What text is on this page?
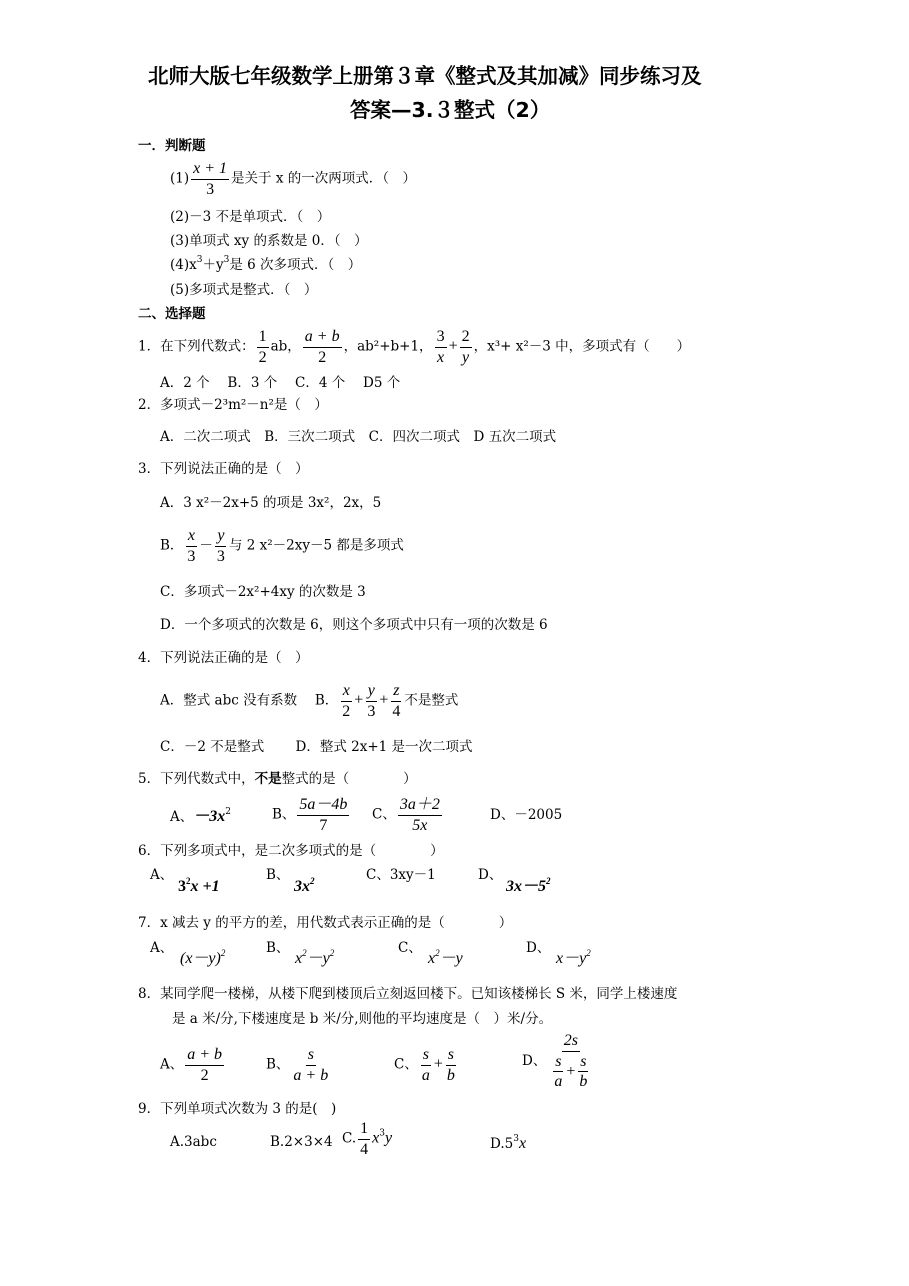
北师大版七年级数学上册第３章《整式及其加减》同步练习及
答案—3.３整式（2）
一．判断题
$(1) \frac{x + 1}{3}$ 是关于 x 的一次两项式．（　）
(2)－3 不是单项式．（　）
(3)单项式 xy 的系数是 0．（　）
$(4)x^3+y^3$是 6 次多项式．（　）
(5)多项式是整式．（　）
二、选择题
1．在下列代数式： $\frac{1}{2}$ ab， $\frac{a + b}{2}$ ，ab²+b+1， $\frac{3}{x} + \frac{2}{y}$ ，x³+ x²－3 中，多项式有（　　）
A．2 个　 B．3 个　 C．4 个　 D5 个
2．多项式－2³m²－n²是（　）
A．二次二项式　B．三次二项式　C．四次二项式　D 五次二项式
3．下列说法正确的是（　）
A．3 x²－2x+5 的项是 3x²，2x，5
B． $\frac{x}{3} - \frac{y}{3}$ 与 2 x²－2xy－5 都是多项式
C．多项式－2x²+4xy 的次数是 3
D．一个多项式的次数是 6，则这个多项式中只有一项的次数是 6
4．下列说法正确的是（　）
A．整式 abc 没有系数　 B． $\frac{x}{2} + \frac{y}{3} + \frac{z}{4}$ 不是整式
C．－2 不是整式　　 D．整式 2x+1 是一次二项式
5．下列代数式中，不是整式的是（　　　　）
A、$-3x^2$	B、 $\frac{5a-4b}{7}$ C、 $\frac{3a+2}{5x}$	D、－2005
6．下列多项式中，是二次多项式的是（　　　　）
A、
$3^2x +1$
B、
$3x^2$	C、3xy－1	D、
$3x-5^2$
7．x 减去 y 的平方的差，用代数式表示正确的是（　　　　）
A、
$(x-y)^2$	B、
$x^2-y^2$	C、
$x^2-y$
D、
$x-y^2$
8．某同学爬一楼梯，从楼下爬到楼顶后立刻返回楼下。已知该楼梯长 S 米，同学上楼速度
是 a 米/分,下楼速度是 b 米/分,则他的平均速度是（　）米/分。
A、 $\frac{a + b}{2}$	B、 $\frac{s}{a + b}$	C、 $\frac{s}{a} + \frac{s}{b}$	D、 $\frac{2s}{\frac{s}{a} + \frac{s}{b}}$
9．下列单项式次数为 3 的是(　)
A.3abc	B.2×3×4 C. $\frac{1}{4} x^3y$	$D.5^3x$
